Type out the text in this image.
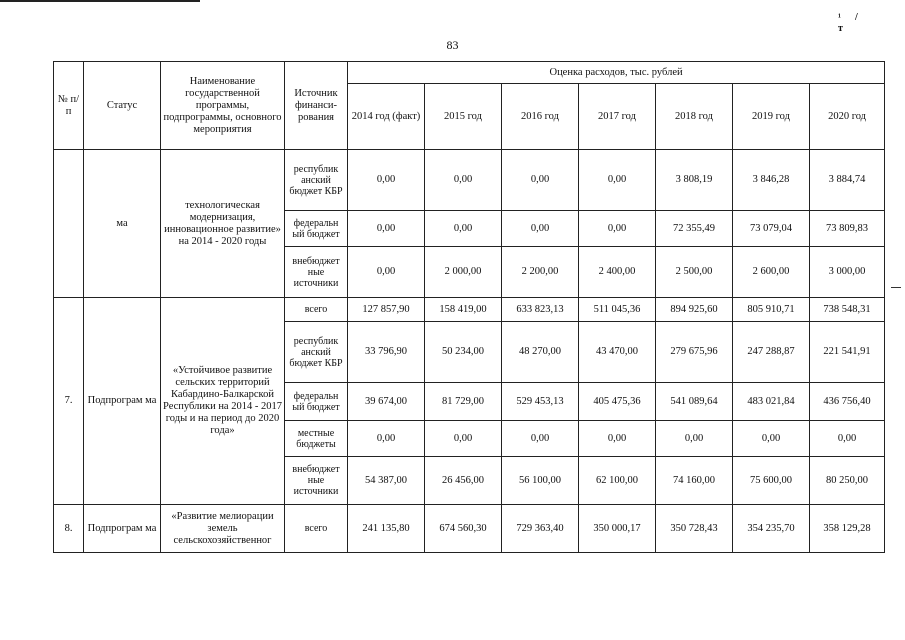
¹/ ᴛ
83
№ п/п	Статус	Наименование государственной программы, подпрограммы, основного мероприятия	Источник финанси-рования	Оценка расходов, тыс. рублей						
				2014 год (факт)	2015 год	2016 год	2017 год	2018 год	2019 год	2020 год
	ма	технологическая модернизация, инновационное развитие» на 2014 - 2020 годы	республик анский бюджет КБР	0,00	0,00	0,00	0,00	3 808,19	3 846,28	3 884,74
			федеральн ый бюджет	0,00	0,00	0,00	0,00	72 355,49	73 079,04	73 809,83
			внебюджет ные источники	0,00	2 000,00	2 200,00	2 400,00	2 500,00	2 600,00	3 000,00
7.	Подпрограм ма	«Устойчивое развитие сельских территорий Кабардино-Балкарской Республики на 2014 - 2017 годы и на период до 2020 года»	всего	127 857,90	158 419,00	633 823,13	511 045,36	894 925,60	805 910,71	738 548,31
			республик анский бюджет КБР	33 796,90	50 234,00	48 270,00	43 470,00	279 675,96	247 288,87	221 541,91
			федеральн ый бюджет	39 674,00	81 729,00	529 453,13	405 475,36	541 089,64	483 021,84	436 756,40
			местные бюджеты	0,00	0,00	0,00	0,00	0,00	0,00	0,00
			внебюджет ные источники	54 387,00	26 456,00	56 100,00	62 100,00	74 160,00	75 600,00	80 250,00
8.	Подпрограм ма	«Развитие мелиорации земель сельскохозяйственног	всего	241 135,80	674 560,30	729 363,40	350 000,17	350 728,43	354 235,70	358 129,28
